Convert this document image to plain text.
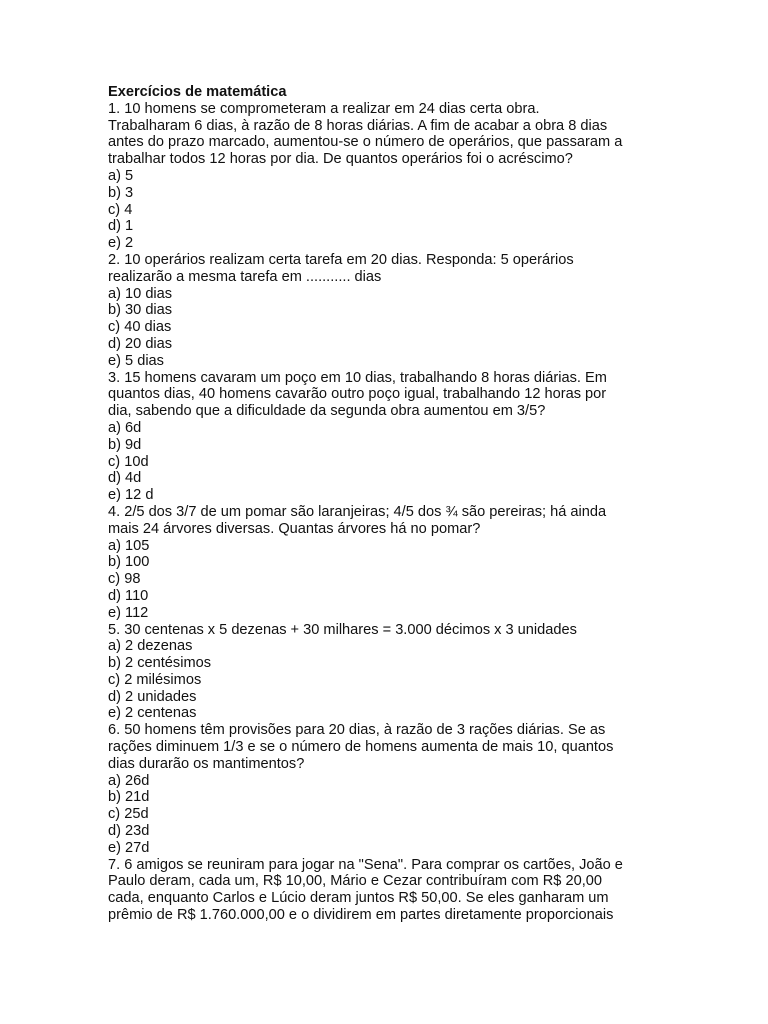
Exercícios de matemática

1. 10 homens se comprometeram a realizar em 24 dias certa obra.

Trabalharam 6 dias, à razão de 8 horas diárias. A fim de acabar a obra 8 dias

antes do prazo marcado, aumentou-se o número de operários, que passaram a

trabalhar todos 12 horas por dia. De quantos operários foi o acréscimo?

a) 5
b) 3
c) 4
d) 1
e) 2

2. 10 operários realizam certa tarefa em 20 dias. Responda: 5 operários

realizarão a mesma tarefa em ........... dias

a) 10 dias
b) 30 dias
c) 40 dias
d) 20 dias
e) 5 dias

3. 15 homens cavaram um poço em 10 dias, trabalhando 8 horas diárias. Em

quantos dias, 40 homens cavarão outro poço igual, trabalhando 12 horas por

dia, sabendo que a dificuldade da segunda obra aumentou em 3/5?

a) 6d
b) 9d
c) 10d
d) 4d
e) 12 d

4. 2/5 dos 3/7 de um pomar são laranjeiras; 4/5 dos ¾ são pereiras; há ainda

mais 24 árvores diversas. Quantas árvores há no pomar?

a) 105
b) 100
c) 98
d) 110
e) 112

5. 30 centenas x 5 dezenas + 30 milhares = 3.000 décimos x 3 unidades

a) 2 dezenas
b) 2 centésimos
c) 2 milésimos
d) 2 unidades
e) 2 centenas

6. 50 homens têm provisões para 20 dias, à razão de 3 rações diárias. Se as

rações diminuem 1/3 e se o número de homens aumenta de mais 10, quantos

dias durarão os mantimentos?

a) 26d
b) 21d
c) 25d
d) 23d
e) 27d

7. 6 amigos se reuniram para jogar na "Sena". Para comprar os cartões, João e

Paulo deram, cada um, R$ 10,00, Mário e Cezar contribuíram com R$ 20,00

cada, enquanto Carlos e Lúcio deram juntos R$ 50,00. Se eles ganharam um

prêmio de R$ 1.760.000,00 e o dividirem em partes diretamente proporcionais
